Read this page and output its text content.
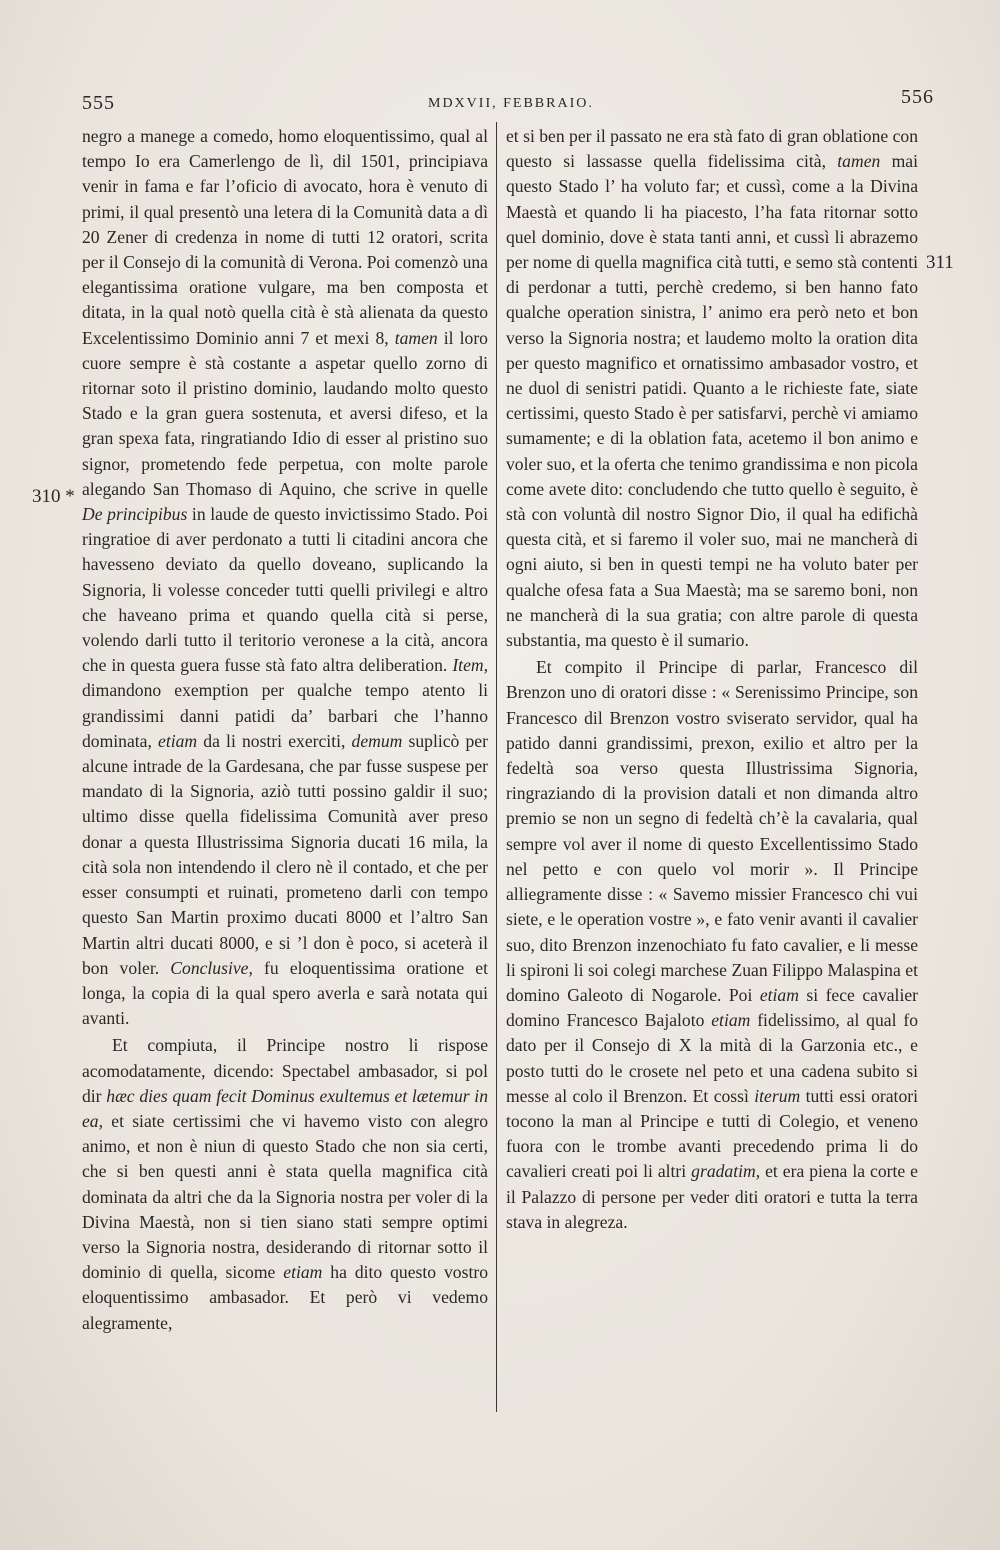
555	MDXVII, FEBBRAIO.	556
310 *
311

negro a manege a comedo, homo eloquentissimo, qual al tempo Io era Camerlengo de lì, dil 1501, principiava venir in fama e far l’oficio di avocato, hora è venuto di primi, il qual presentò una letera di la Comunità data a dì 20 Zener di credenza in nome di tutti 12 oratori, scrita per il Consejo di la comunità di Verona. Poi comenzò una elegantissima oratione vulgare, ma ben composta et ditata, in la qual notò quella cità è stà alienata da questo Excelentissimo Dominio anni 7 et mexi 8, tamen il loro cuore sempre è stà costante a aspetar quello zorno di ritornar soto il pristino dominio, laudando molto questo Stado e la gran guera sostenuta, et aversi difeso, et la gran spexa fata, ringratiando Idio di esser al pristino suo signor, prometendo fede perpetua, con molte parole alegando San Thomaso di Aquino, che scrive in quelle De principibus in laude de questo invictissimo Stado. Poi ringratioe di aver perdonato a tutti li citadini ancora che havesseno deviato da quello doveano, suplicando la Signoria, li volesse conceder tutti quelli privilegi e altro che haveano prima et quando quella cità si perse, volendo darli tutto il teritorio veronese a la cità, ancora che in questa guera fusse stà fato altra deliberation. Item, dimandono exemption per qualche tempo atento li grandissimi danni patidi da’ barbari che l’hanno dominata, etiam da li nostri exerciti, demum suplicò per alcune intrade de la Gardesana, che par fusse suspese per mandato di la Signoria, aziò tutti possino galdir il suo; ultimo disse quella fidelissima Comunità aver preso donar a questa Illustrissima Signoria ducati 16 mila, la cità sola non intendendo il clero nè il contado, et che per esser consumpti et ruinati, prometeno darli con tempo questo San Martin proximo ducati 8000 et l’altro San Martin altri ducati 8000, e si ’l don è poco, si aceterà il bon voler. Conclusive, fu eloquentissima oratione et longa, la copia di la qual spero averla e sarà notata qui avanti.

Et compiuta, il Principe nostro li rispose acomodatamente, dicendo: Spectabel ambasador, si pol dir hæc dies quam fecit Dominus exultemus et lætemur in ea, et siate certissimi che vi havemo visto con alegro animo, et non è niun di questo Stado che non sia certi, che si ben questi anni è stata quella magnifica cità dominata da altri che da la Signoria nostra per voler di la Divina Maestà, non si tien siano stati sempre optimi verso la Signoria nostra, desiderando di ritornar sotto il dominio di quella, sicome etiam ha dito questo vostro eloquentissimo ambasador. Et però vi vedemo alegramente,

et si ben per il passato ne era stà fato di gran oblatione con questo si lassasse quella fidelissima cità, tamen mai questo Stado l’ ha voluto far; et cussì, come a la Divina Maestà et quando li ha piacesto, l’ha fata ritornar sotto quel dominio, dove è stata tanti anni, et cussì li abrazemo per nome di quella magnifica cità tutti, e semo stà contenti di perdonar a tutti, perchè credemo, si ben hanno fato qualche operation sinistra, l’ animo era però neto et bon verso la Signoria nostra; et laudemo molto la oration dita per questo magnifico et ornatissimo ambasador vostro, et ne duol di senistri patidi. Quanto a le richieste fate, siate certissimi, questo Stado è per satisfarvi, perchè vi amiamo sumamente; e di la oblation fata, acetemo il bon animo e voler suo, et la oferta che tenimo grandissima e non picola come avete dito: concludendo che tutto quello è seguito, è stà con voluntà dil nostro Signor Dio, il qual ha edifichà questa cità, et si faremo il voler suo, mai ne mancherà di ogni aiuto, si ben in questi tempi ne ha voluto bater per qualche ofesa fata a Sua Maestà; ma se saremo boni, non ne mancherà di la sua gratia; con altre parole di questa substantia, ma questo è il sumario.

Et compito il Principe di parlar, Francesco dil Brenzon uno di oratori disse : « Serenissimo Principe, son Francesco dil Brenzon vostro sviserato servidor, qual ha patido danni grandissimi, prexon, exilio et altro per la fedeltà soa verso questa Illustrissima Signoria, ringraziando di la provision datali et non dimanda altro premio se non un segno di fedeltà ch’è la cavalaria, qual sempre vol aver il nome di questo Excellentissimo Stado nel petto e con quelo vol morir ». Il Principe alliegramente disse : « Savemo missier Francesco chi vui siete, e le operation vostre », e fato venir avanti il cavalier suo, dito Brenzon inzenochiato fu fato cavalier, e li messe li spironi li soi colegi marchese Zuan Filippo Malaspina et domino Galeoto di Nogarole. Poi etiam si fece cavalier domino Francesco Bajaloto etiam fidelissimo, al qual fo dato per il Consejo di X la mità di la Garzonia etc., e posto tutti do le crosete nel peto et una cadena subito si messe al colo il Brenzon. Et cossì iterum tutti essi oratori tocono la man al Principe e tutti di Colegio, et veneno fuora con le trombe avanti precedendo prima li do cavalieri creati poi li altri gradatim, et era piena la corte e il Palazzo di persone per veder diti oratori e tutta la terra stava in alegreza.
